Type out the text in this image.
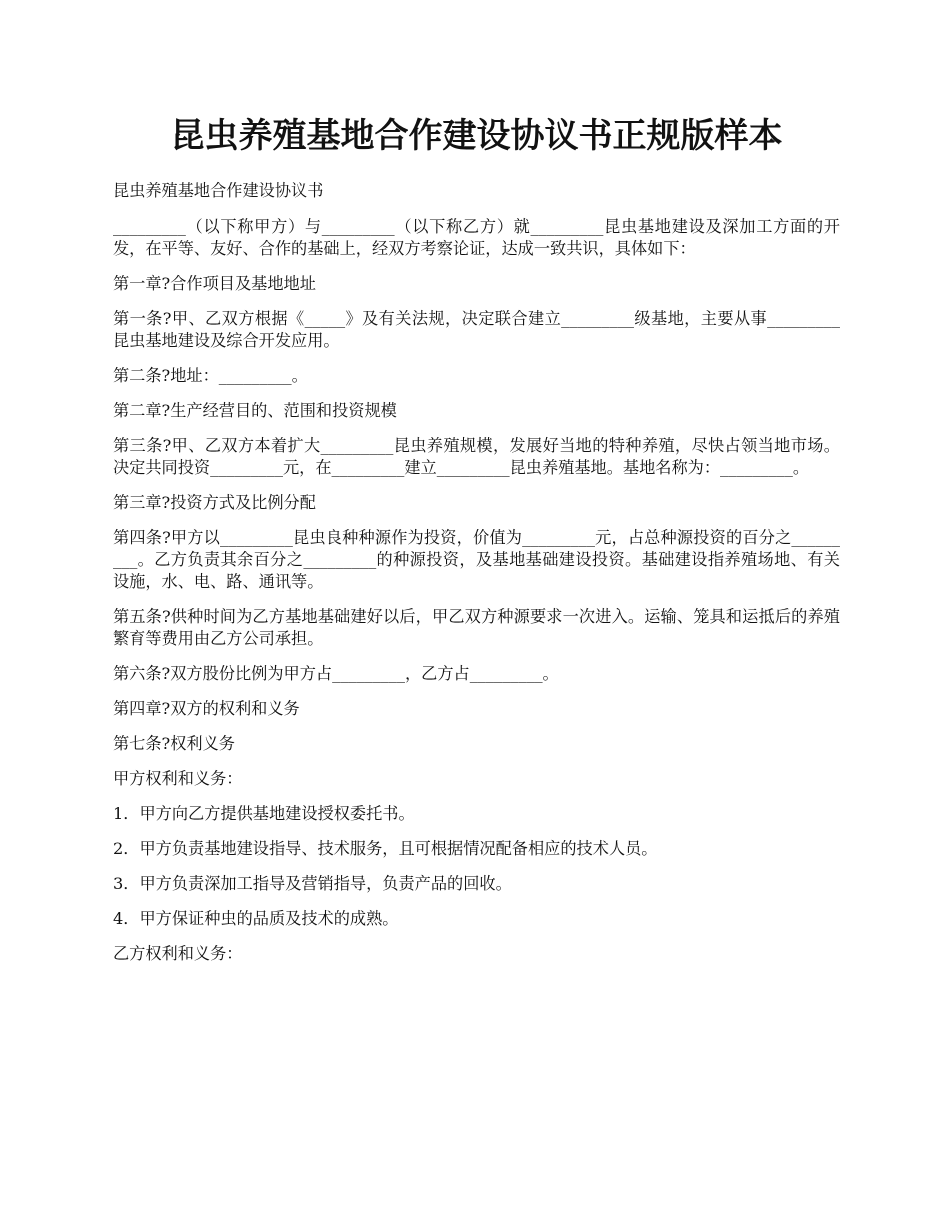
昆虫养殖基地合作建设协议书正规版样本

昆虫养殖基地合作建设协议书

_________（以下称甲方）与_________（以下称乙方）就_________昆虫基地建设及深加工方面的开发，在平等、友好、合作的基础上，经双方考察论证，达成一致共识，具体如下：

第一章?合作项目及基地地址

第一条?甲、乙双方根据《_____》及有关法规，决定联合建立_________级基地，主要从事_________昆虫基地建设及综合开发应用。

第二条?地址：_________。

第二章?生产经营目的、范围和投资规模

第三条?甲、乙双方本着扩大_________昆虫养殖规模，发展好当地的特种养殖，尽快占领当地市场。决定共同投资_________元，在_________建立_________昆虫养殖基地。基地名称为：_________。

第三章?投资方式及比例分配

第四条?甲方以_________昆虫良种种源作为投资，价值为_________元，占总种源投资的百分之_________。乙方负责其余百分之_________的种源投资，及基地基础建设投资。基础建设指养殖场地、有关设施，水、电、路、通讯等。

第五条?供种时间为乙方基地基础建好以后，甲乙双方种源要求一次进入。运输、笼具和运抵后的养殖繁育等费用由乙方公司承担。

第六条?双方股份比例为甲方占_________，乙方占_________。

第四章?双方的权利和义务

第七条?权利义务

甲方权利和义务：

1．甲方向乙方提供基地建设授权委托书。

2．甲方负责基地建设指导、技术服务，且可根据情况配备相应的技术人员。

3．甲方负责深加工指导及营销指导，负责产品的回收。

4．甲方保证种虫的品质及技术的成熟。

乙方权利和义务：
